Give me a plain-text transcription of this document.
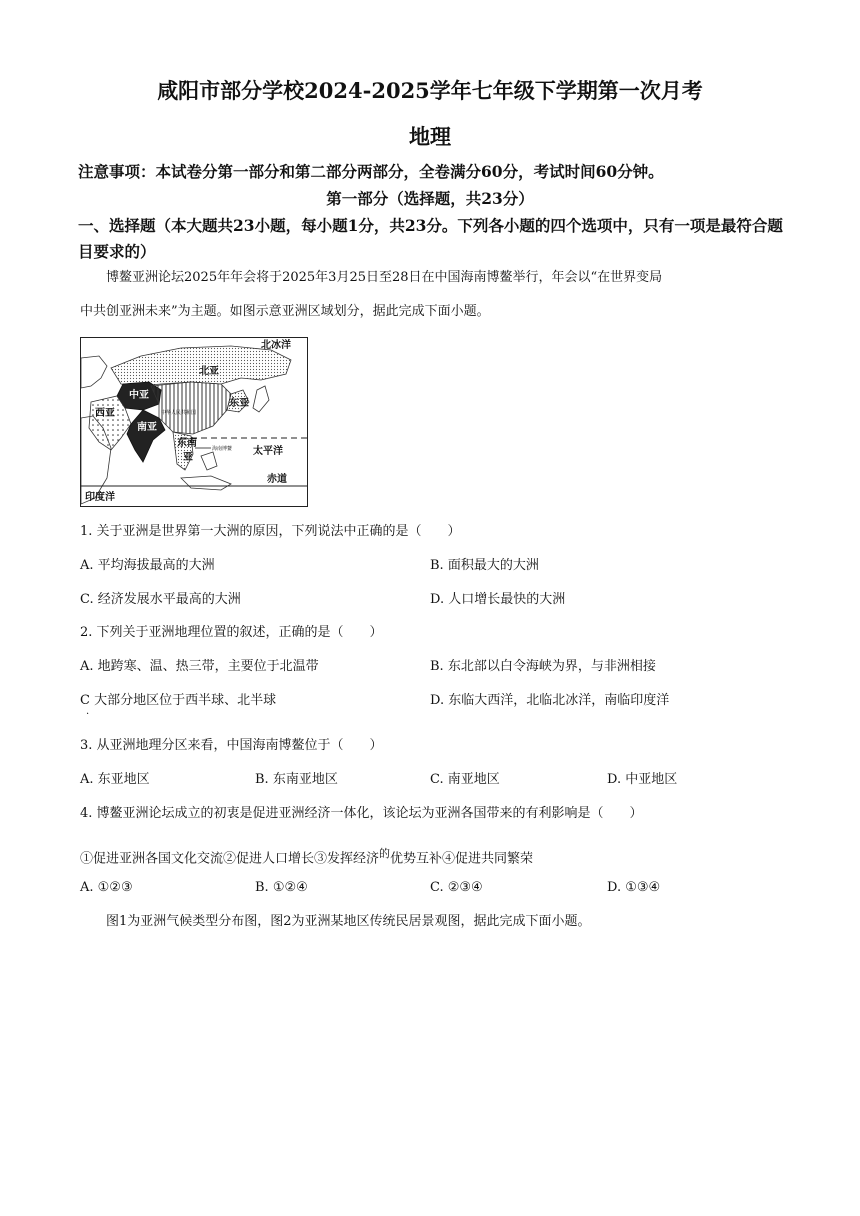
咸阳市部分学校2024-2025学年七年级下学期第一次月考
地理
注意事项：本试卷分第一部分和第二部分两部分，全卷满分60分，考试时间60分钟。
第一部分（选择题，共23分）
一、选择题（本大题共23小题，每小题1分，共23分。下列各小题的四个选项中，只有一项是最符合题目要求的）
博鳌亚洲论坛2025年年会将于2025年3月25日至28日在中国海南博鳌举行，年会以“在世界变局
中共创亚洲未来”为主题。如图示意亚洲区域划分，据此完成下面小题。
北冰洋
北亚
中亚
西亚
东亚
南亚
东南
亚
太平洋
印度洋
赤道
中华人民共和国
海南博鳌
1. 关于亚洲是世界第一大洲的原因，下列说法中正确的是（　　）
A. 平均海拔最高的大洲	B. 面积最大的大洲
C. 经济发展水平最高的大洲	D. 人口增长最快的大洲
2. 下列关于亚洲地理位置的叙述，正确的是（　　）
A. 地跨寒、温、热三带，主要位于北温带	B. 东北部以白令海峡为界，与非洲相接
C 大部分地区位于西半球、北半球	D. 东临大西洋，北临北冰洋，南临印度洋
.
3. 从亚洲地理分区来看，中国海南博鳌位于（　　）
A. 东亚地区	B. 东南亚地区	C. 南亚地区	D. 中亚地区
4. 博鳌亚洲论坛成立的初衷是促进亚洲经济一体化，该论坛为亚洲各国带来的有利影响是（　　）
①促进亚洲各国文化交流②促进人口增长③发挥经济$^的$优势互补④促进共同繁荣
A. ①②③	B. ①②④	C. ②③④	D. ①③④
图1为亚洲气候类型分布图，图2为亚洲某地区传统民居景观图，据此完成下面小题。
